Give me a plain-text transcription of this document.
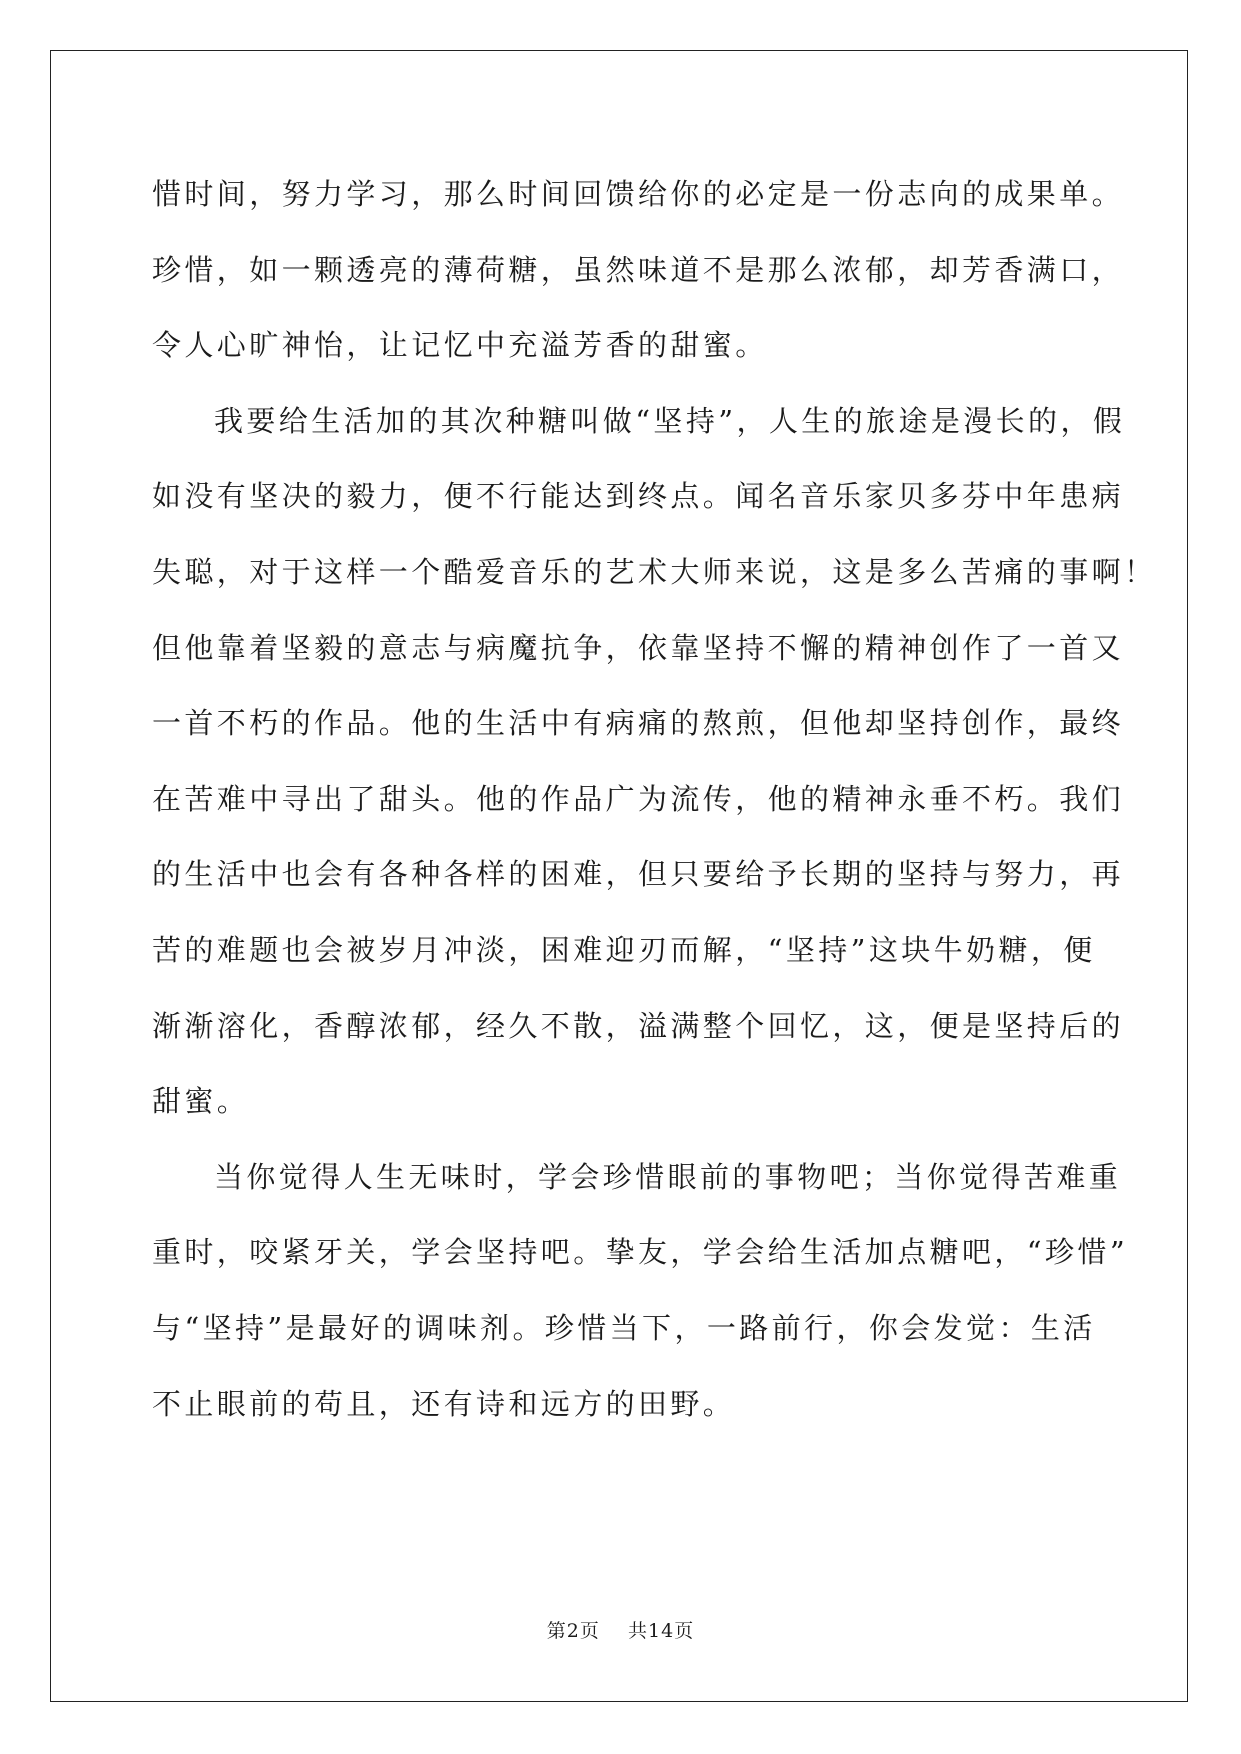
惜时间，努力学习，那么时间回馈给你的必定是一份志向的成果单。
珍惜，如一颗透亮的薄荷糖，虽然味道不是那么浓郁，却芳香满口，
令人心旷神怡，让记忆中充溢芳香的甜蜜。
我要给生活加的其次种糖叫做“坚持”，人生的旅途是漫长的，假
如没有坚决的毅力，便不行能达到终点。闻名音乐家贝多芬中年患病
失聪，对于这样一个酷爱音乐的艺术大师来说，这是多么苦痛的事啊！
但他靠着坚毅的意志与病魔抗争，依靠坚持不懈的精神创作了一首又
一首不朽的作品。他的生活中有病痛的熬煎，但他却坚持创作，最终
在苦难中寻出了甜头。他的作品广为流传，他的精神永垂不朽。我们
的生活中也会有各种各样的困难，但只要给予长期的坚持与努力，再
苦的难题也会被岁月冲淡，困难迎刃而解，“坚持”这块牛奶糖，便
渐渐溶化，香醇浓郁，经久不散，溢满整个回忆，这，便是坚持后的
甜蜜。
当你觉得人生无味时，学会珍惜眼前的事物吧；当你觉得苦难重
重时，咬紧牙关，学会坚持吧。挚友，学会给生活加点糖吧，“珍惜”
与“坚持”是最好的调味剂。珍惜当下，一路前行，你会发觉：生活
不止眼前的苟且，还有诗和远方的田野。
第2页 共14页
